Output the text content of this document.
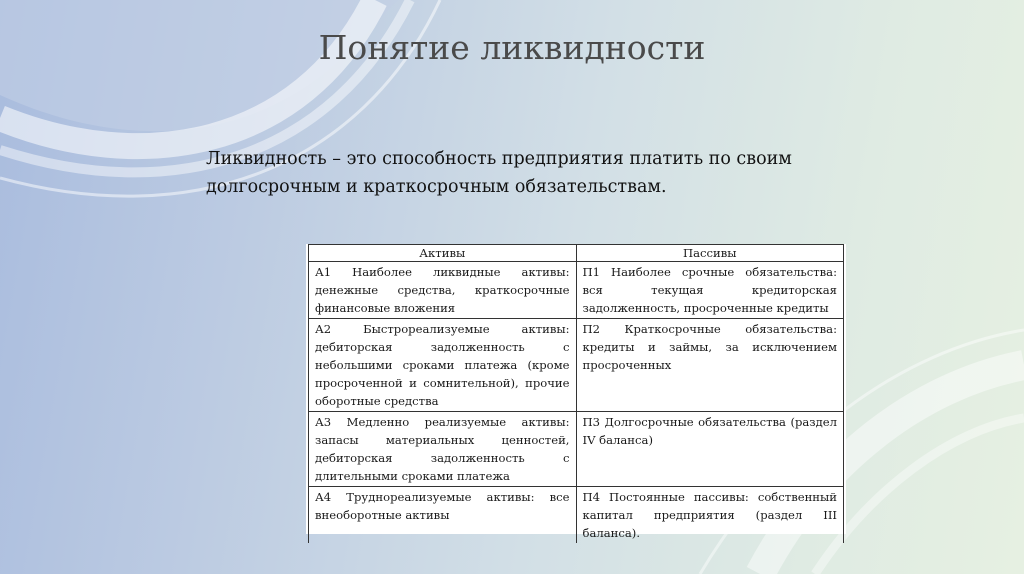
Понятие ликвидности

Ликвидность – это способность предприятия платить по своим
долгосрочным и краткосрочным обязательствам.

Активы	Пассивы
А1 Наиболее ликвидные активы: денежные средства, краткосрочные финансовые вложения	П1 Наиболее срочные обязательства: вся текущая кредиторская задолженность, просроченные кредиты
А2 Быстрореализуемые активы: дебиторская задолженность с небольшими сроками платежа (кроме просроченной и сомнительной), прочие оборотные средства	П2 Краткосрочные обязательства: кредиты и займы, за исключением просроченных
А3 Медленно реализуемые активы: запасы материальных ценностей, дебиторская задолженность с длительными сроками платежа	П3 Долгосрочные обязательства (раздел IV баланса)
А4 Труднореализуемые активы: все внеоборотные активы	П4 Постоянные пассивы: собственный капитал предприятия (раздел III баланса).
